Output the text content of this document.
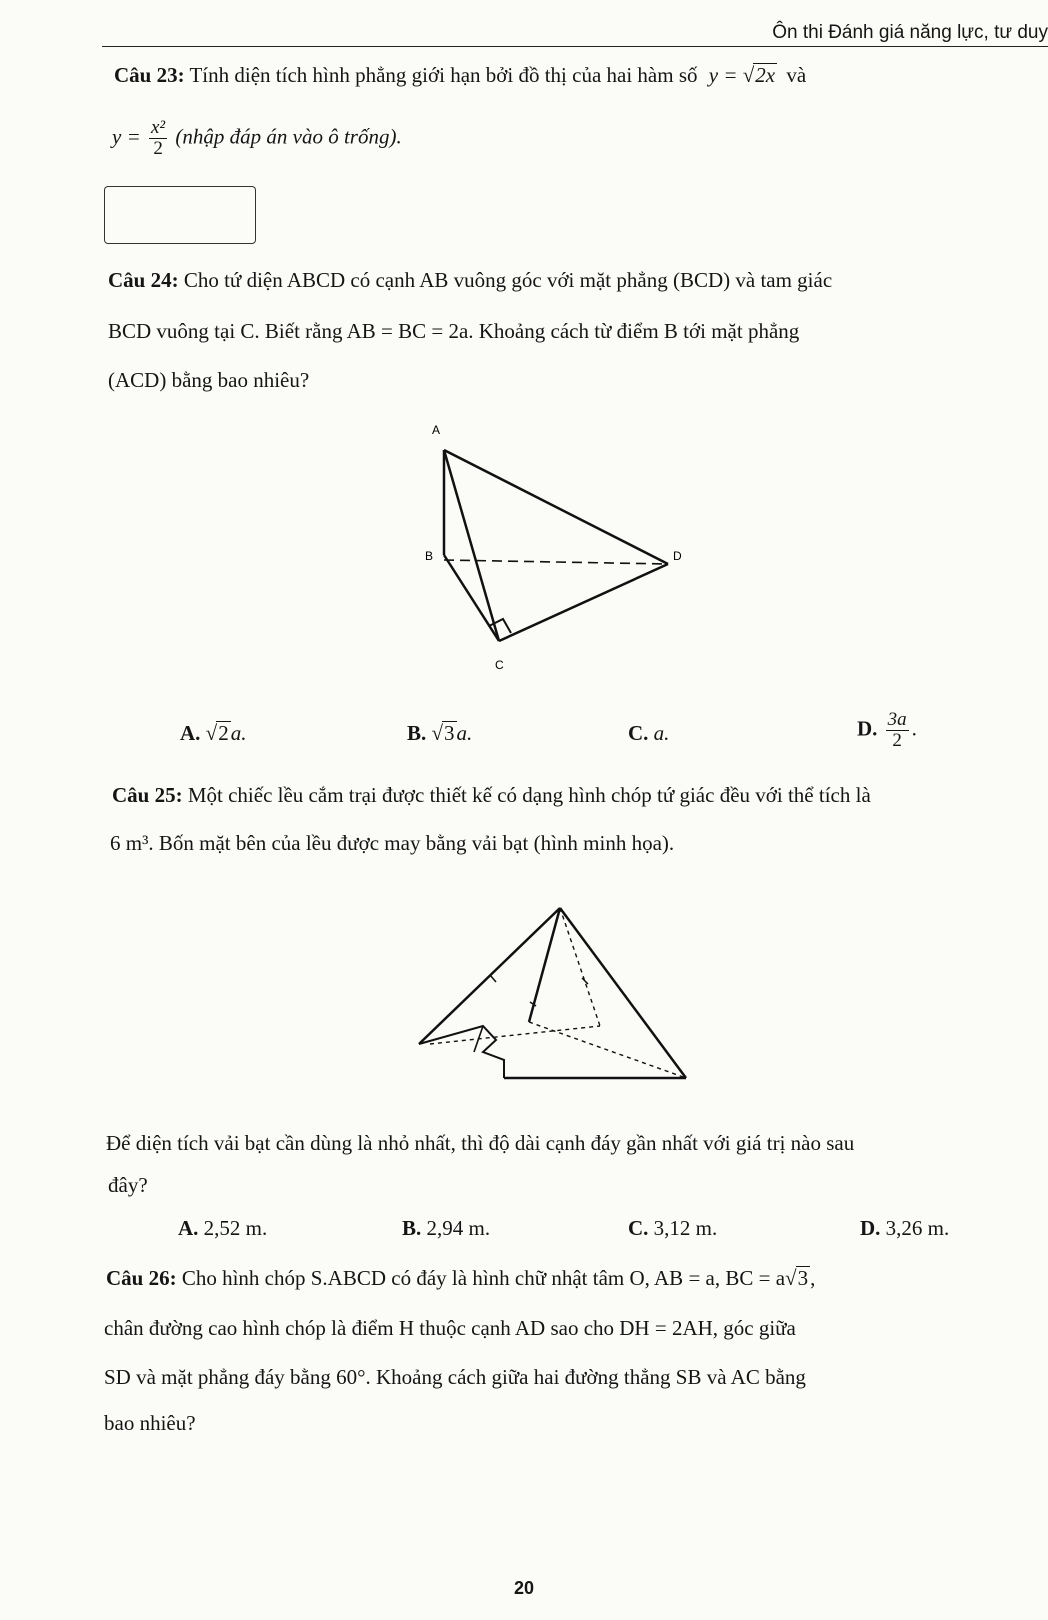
Ôn thi Đánh giá năng lực, tư duy
Câu 23: Tính diện tích hình phẳng giới hạn bởi đồ thị của hai hàm số y = √2x và
$y = \frac{\text{x²}}{2}$ (nhập đáp án vào ô trống).
Câu 24: Cho tứ diện ABCD có cạnh AB vuông góc với mặt phẳng (BCD) và tam giác
BCD vuông tại C. Biết rằng AB = BC = 2a. Khoảng cách từ điểm B tới mặt phẳng
(ACD) bằng bao nhiêu?
A
B
C
D
A. √2a.	B. √3a.	C. a.	D. $\frac{3a}{2}$ .
Câu 25: Một chiếc lều cắm trại được thiết kế có dạng hình chóp tứ giác đều với thể tích là
6 m³. Bốn mặt bên của lều được may bằng vải bạt (hình minh họa).
Để diện tích vải bạt cần dùng là nhỏ nhất, thì độ dài cạnh đáy gần nhất với giá trị nào sau
đây?
A. 2,52 m.	B. 2,94 m.	C. 3,12 m.	D. 3,26 m.
Câu 26: Cho hình chóp S.ABCD có đáy là hình chữ nhật tâm O, AB = a, BC = a√3,
chân đường cao hình chóp là điểm H thuộc cạnh AD sao cho DH = 2AH, góc giữa
SD và mặt phẳng đáy bằng 60°. Khoảng cách giữa hai đường thẳng SB và AC bằng
bao nhiêu?
20
